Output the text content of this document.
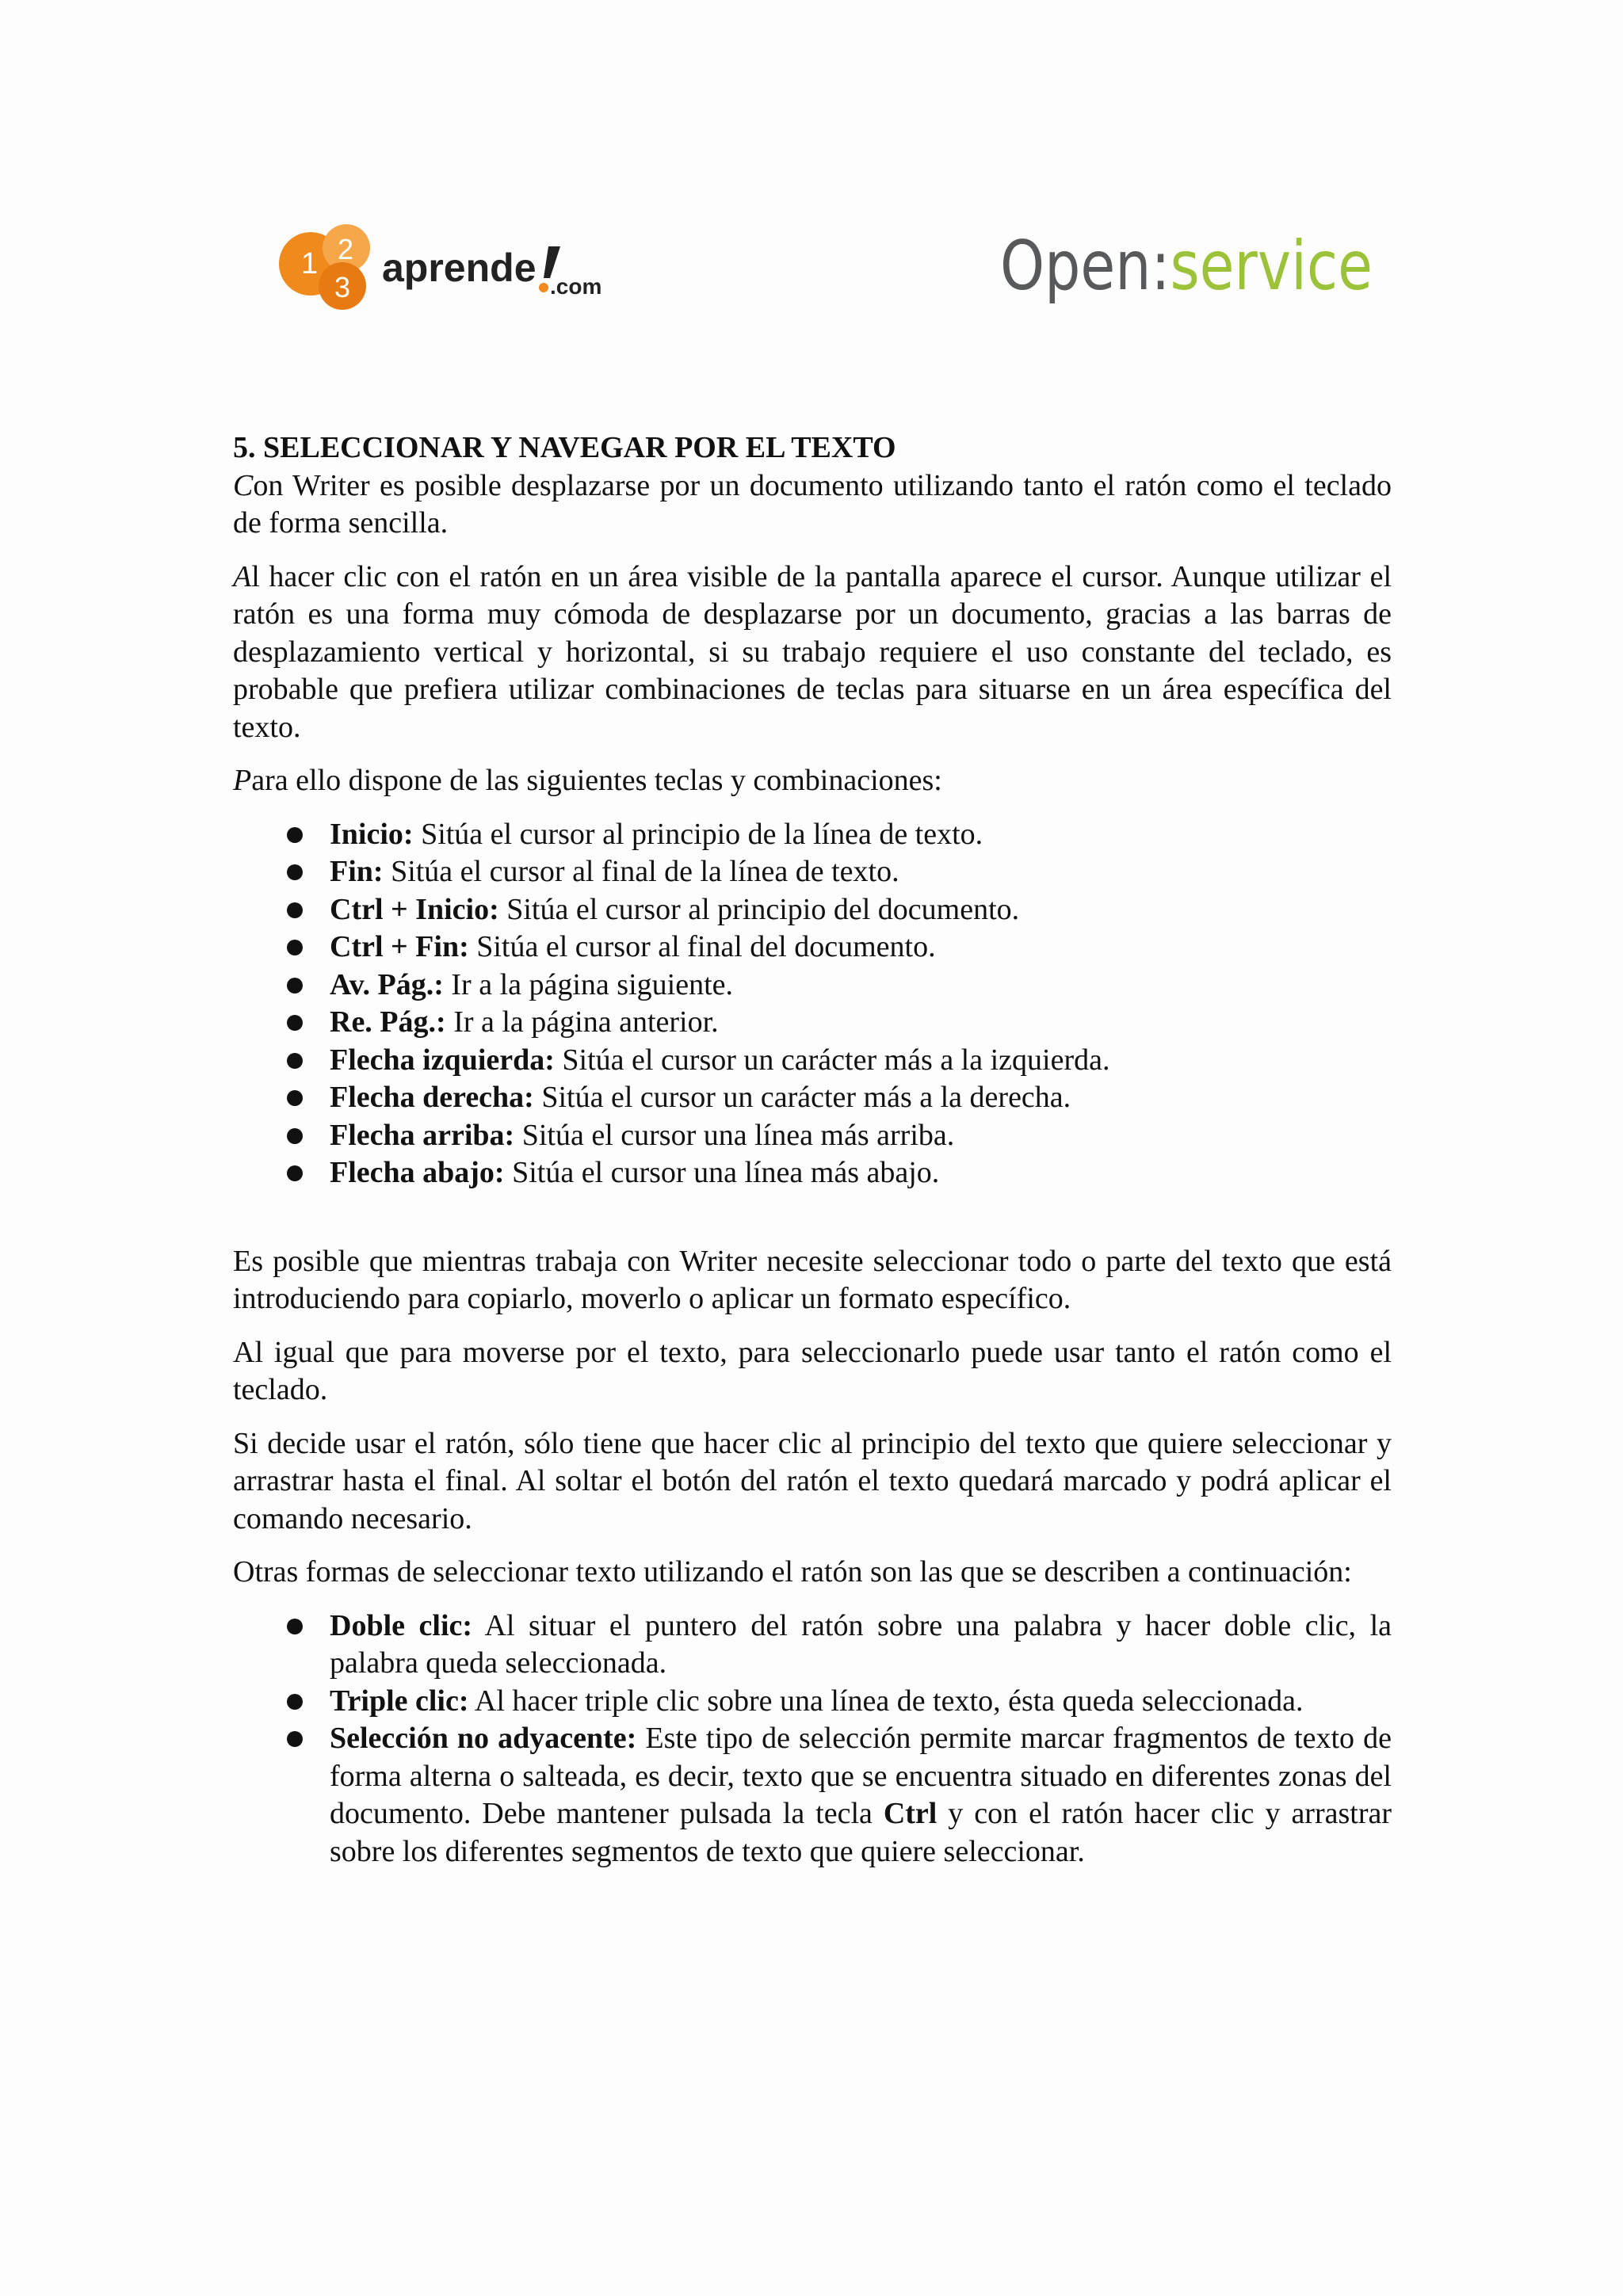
1 2
3 aprende .com	Open:service
5. SELECCIONAR Y NAVEGAR POR EL TEXTO

Con Writer es posible desplazarse por un documento utilizando tanto el ratón como el teclado de forma sencilla.

Al hacer clic con el ratón en un área visible de la pantalla aparece el cursor. Aunque utilizar el ratón es una forma muy cómoda de desplazarse por un documento, gracias a las barras de desplazamiento vertical y horizontal, si su trabajo requiere el uso constante del teclado, es probable que prefiera utilizar combinaciones de teclas para situarse en un área específica del texto.

Para ello dispone de las siguientes teclas y combinaciones:

Inicio: Sitúa el cursor al principio de la línea de texto.
Fin: Sitúa el cursor al final de la línea de texto.
Ctrl + Inicio: Sitúa el cursor al principio del documento.
Ctrl + Fin: Sitúa el cursor al final del documento.
Av. Pág.: Ir a la página siguiente.
Re. Pág.: Ir a la página anterior.
Flecha izquierda: Sitúa el cursor un carácter más a la izquierda.
Flecha derecha: Sitúa el cursor un carácter más a la derecha.
Flecha arriba: Sitúa el cursor una línea más arriba.
Flecha abajo: Sitúa el cursor una línea más abajo.

Es posible que mientras trabaja con Writer necesite seleccionar todo o parte del texto que está introduciendo para copiarlo, moverlo o aplicar un formato específico.

Al igual que para moverse por el texto, para seleccionarlo puede usar tanto el ratón como el teclado.

Si decide usar el ratón, sólo tiene que hacer clic al principio del texto que quiere seleccionar y arrastrar hasta el final. Al soltar el botón del ratón el texto quedará marcado y podrá aplicar el comando necesario.

Otras formas de seleccionar texto utilizando el ratón son las que se describen a continuación:

Doble clic: Al situar el puntero del ratón sobre una palabra y hacer doble clic, la palabra queda seleccionada.
Triple clic: Al hacer triple clic sobre una línea de texto, ésta queda seleccionada.
Selección no adyacente: Este tipo de selección permite marcar fragmentos de texto de forma alterna o salteada, es decir, texto que se encuentra situado en diferentes zonas del documento. Debe mantener pulsada la tecla Ctrl y con el ratón hacer clic y arrastrar sobre los diferentes segmentos de texto que quiere seleccionar.
